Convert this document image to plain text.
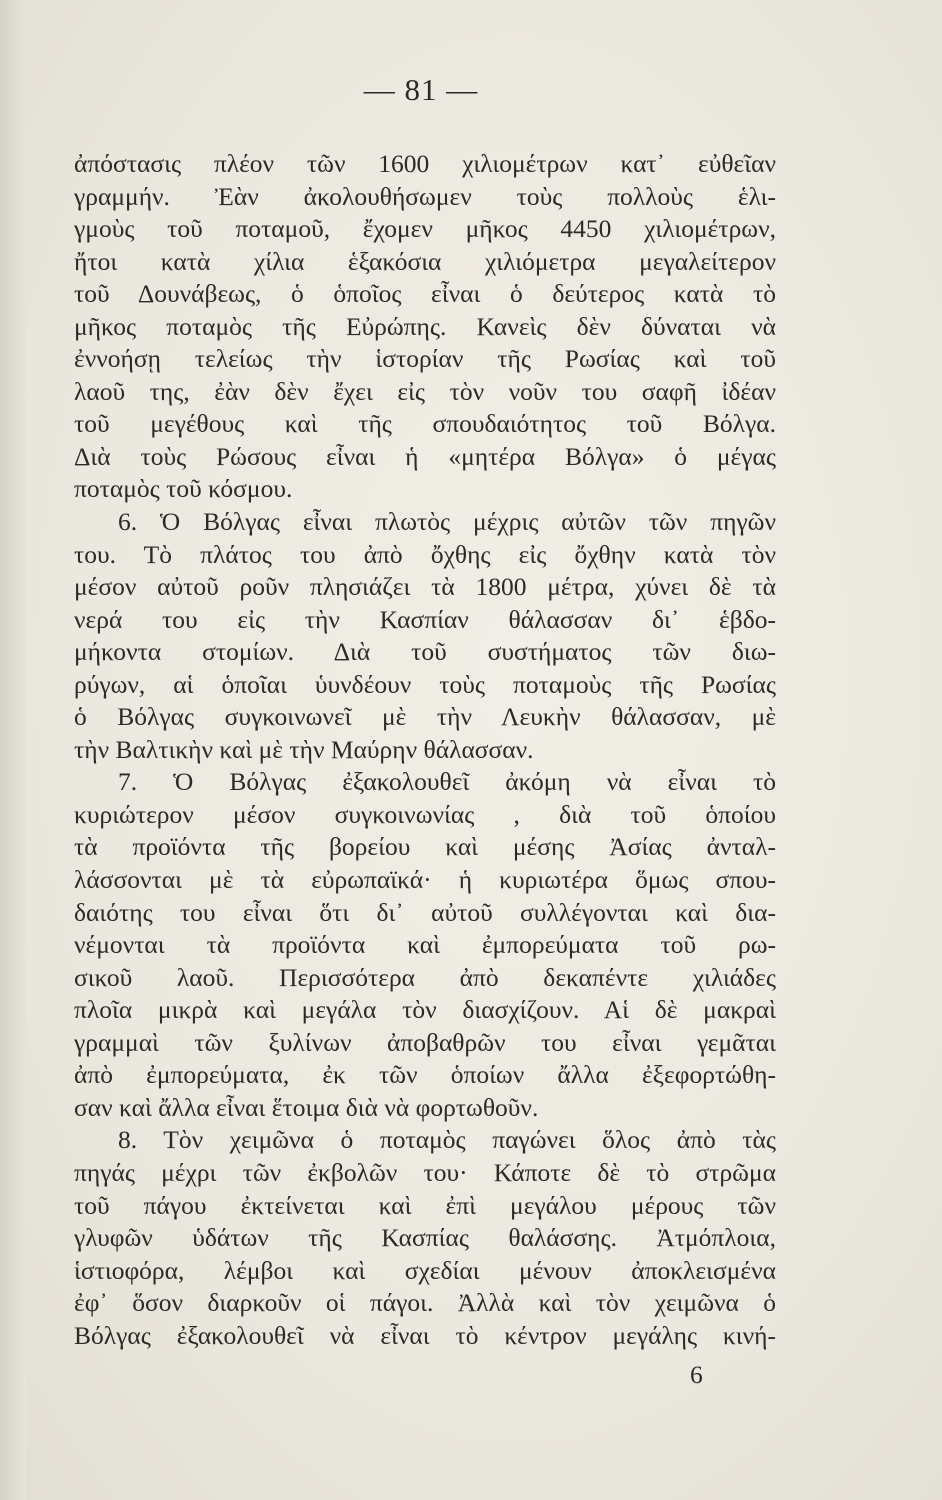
— 81 —
ἀπόστασις πλέον τῶν 1600 χιλιομέτρων κατ᾽ εὐθεῖαν
γραμμήν. Ἐὰν ἀκολουθήσωμεν τοὺς πολλοὺς ἑλι-
γμοὺς τοῦ ποταμοῦ, ἔχομεν μῆκος 4450 χιλιομέτρων,
ἤτοι κατὰ χίλια ἑξακόσια χιλιόμετρα μεγαλείτερον
τοῦ Δουνάβεως, ὁ ὁποῖος εἶναι ὁ δεύτερος κατὰ τὸ
μῆκος ποταμὸς τῆς Εὐρώπης. Κανεὶς δὲν δύναται νὰ
ἐννοήσῃ τελείως τὴν ἱστορίαν τῆς Ρωσίας καὶ τοῦ
λαοῦ της, ἐὰν δὲν ἔχει εἰς τὸν νοῦν του σαφῆ ἰδέαν
τοῦ μεγέθους καὶ τῆς σπουδαιότητος τοῦ Βόλγα.
Διὰ τοὺς Ρώσους εἶναι ἡ «μητέρα Βόλγα» ὁ μέγας
ποταμὸς τοῦ κόσμου.
6. Ὁ Βόλγας εἶναι πλωτὸς μέχρις αὐτῶν τῶν πηγῶν
του. Τὸ πλάτος του ἀπὸ ὄχθης εἰς ὄχθην κατὰ τὸν
μέσον αὐτοῦ ροῦν πλησιάζει τὰ 1800 μέτρα, χύνει δὲ τὰ
νερά του εἰς τὴν Κασπίαν θάλασσαν δι᾽ ἑβδο-
μήκοντα στομίων. Διὰ τοῦ συστήματος τῶν διω-
ρύγων, αἱ ὁποῖαι ὑυνδέουν τοὺς ποταμοὺς τῆς Ρωσίας
ὁ Βόλγας συγκοινωνεῖ μὲ τὴν Λευκὴν θάλασσαν, μὲ
τὴν Βαλτικὴν καὶ μὲ τὴν Μαύρην θάλασσαν.
7. Ὁ Βόλγας ἐξακολουθεῖ ἀκόμη νὰ εἶναι τὸ
κυριώτερον μέσον συγκοινωνίας , διὰ τοῦ ὁποίου
τὰ προϊόντα τῆς βορείου καὶ μέσης Ἀσίας ἀνταλ-
λάσσονται μὲ τὰ εὐρωπαϊκά· ἡ κυριωτέρα ὅμως σπου-
δαιότης του εἶναι ὅτι δι᾽ αὐτοῦ συλλέγονται καὶ δια-
νέμονται τὰ προϊόντα καὶ ἐμπορεύματα τοῦ ρω-
σικοῦ λαοῦ. Περισσότερα ἀπὸ δεκαπέντε χιλιάδες
πλοῖα μικρὰ καὶ μεγάλα τὸν διασχίζουν. Αἱ δὲ μακραὶ
γραμμαὶ τῶν ξυλίνων ἀποβαθρῶν του εἶναι γεμᾶται
ἀπὸ ἐμπορεύματα, ἐκ τῶν ὁποίων ἄλλα ἐξεφορτώθη-
σαν καὶ ἄλλα εἶναι ἕτοιμα διὰ νὰ φορτωθοῦν.
8. Τὸν χειμῶνα ὁ ποταμὸς παγώνει ὅλος ἀπὸ τὰς
πηγάς μέχρι τῶν ἐκβολῶν του· Κάποτε δὲ τὸ στρῶμα
τοῦ πάγου ἐκτείνεται καὶ ἐπὶ μεγάλου μέρους τῶν
γλυφῶν ὑδάτων τῆς Κασπίας θαλάσσης. Ἀτμόπλοια,
ἱστιοφόρα, λέμβοι καὶ σχεδίαι μένουν ἀποκλεισμένα
ἐφ᾽ ὅσον διαρκοῦν οἱ πάγοι. Ἀλλὰ καὶ τὸν χειμῶνα ὁ
Βόλγας ἐξακολουθεῖ νὰ εἶναι τὸ κέντρον μεγάλης κινή-
6
